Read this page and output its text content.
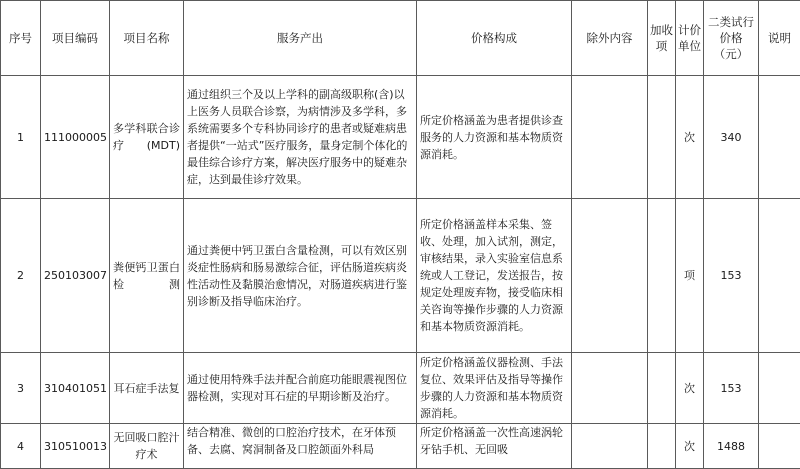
序号	项目编码	项目名称	服务产出	价格构成	除外内容	加收项	计价单位	二类试行价格（元）	说明
1	111000005	多学科联合诊疗(MDT)	通过组织三个及以上学科的副高级职称(含)以上医务人员联合诊察，为病情涉及多学科，多系统需要多个专科协同诊疗的患者或疑难病患者提供“一站式”医疗服务，量身定制个体化的最佳综合诊疗方案，解决医疗服务中的疑难杂症，达到最佳诊疗效果。	所定价格涵盖为患者提供诊查服务的人力资源和基本物质资源消耗。			次	340	
2	250103007	粪便钙卫蛋白检测	通过粪便中钙卫蛋白含量检测，可以有效区别炎症性肠病和肠易激综合征，评估肠道疾病炎性活动性及黏膜治愈情况，对肠道疾病进行鉴别诊断及指导临床治疗。	所定价格涵盖样本采集、签收、处理，加入试剂，测定，审核结果，录入实验室信息系统或人工登记，发送报告，按规定处理废弃物，接受临床相关咨询等操作步骤的人力资源和基本物质资源消耗。			项	153	
3	310401051	耳石症手法复	通过使用特殊手法并配合前庭功能眼震视图位器检测，实现对耳石症的早期诊断及治疗。	所定价格涵盖仪器检测、手法复位、效果评估及指导等操作步骤的人力资源和基本物质资源消耗。			次	153	
4	310510013	无回吸口腔汁疗术	结合精准、微创的口腔治疗技术，在牙体预备、去腐、窝洞制备及口腔颌面外科局	所定价格涵盖一次性高速涡轮牙钻手机、无回吸			次	1488	
